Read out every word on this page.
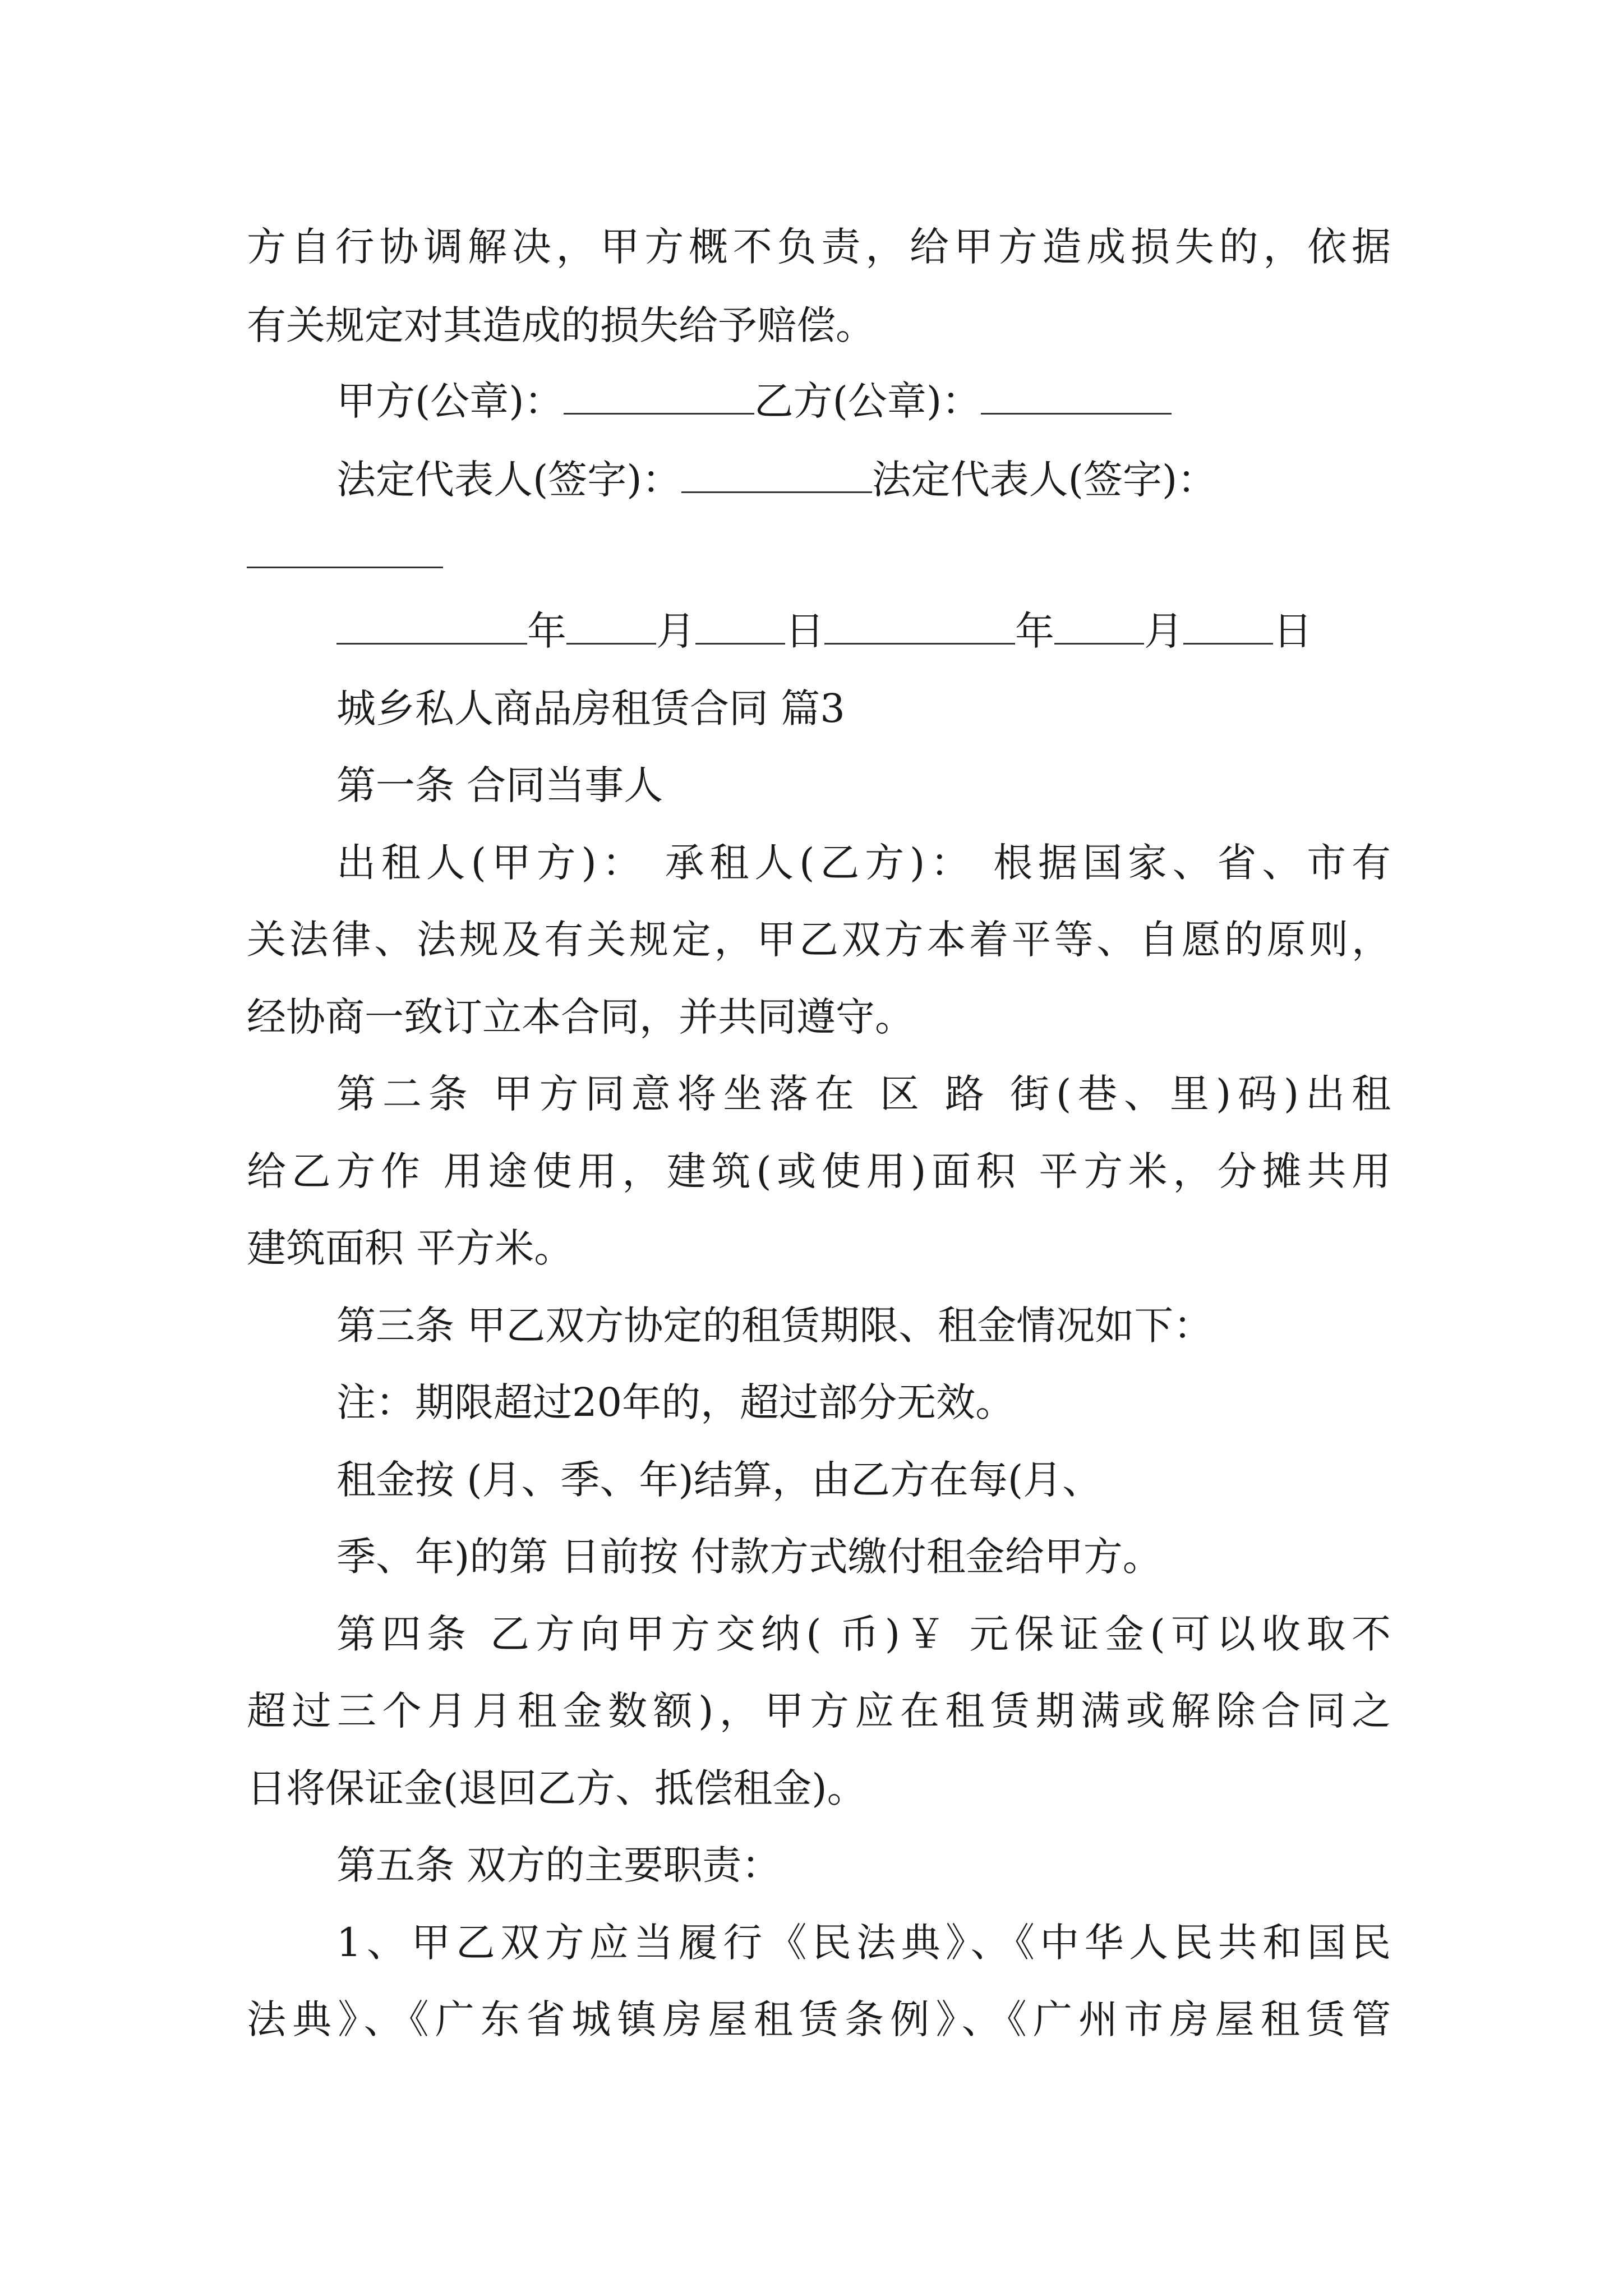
方自行协调解决，甲方概不负责，给甲方造成损失的，依据
有关规定对其造成的损失给予赔偿。
甲方(公章)：	乙方(公章)：
法定代表人(签字)：	法定代表人(签字)：
年 月 日	年 月 日
城乡私人商品房租赁合同 篇3
第一条 合同当事人
出租人(甲方)： 承租人(乙方)： 根据国家、省、市有
关法律、法规及有关规定，甲乙双方本着平等、自愿的原则，
经协商一致订立本合同，并共同遵守。
第二条 甲方同意将坐落在 区 路 街(巷、里)码)出租
给乙方作 用途使用，建筑(或使用)面积 平方米，分摊共用
建筑面积 平方米。
第三条 甲乙双方协定的租赁期限、租金情况如下：
注：期限超过20年的，超过部分无效。
租金按 (月、季、年)结算，由乙方在每(月、
季、年)的第 日前按 付款方式缴付租金给甲方。
第四条 乙方向甲方交纳( 币)￥ 元保证金(可以收取不
超过三个月月租金数额)，甲方应在租赁期满或解除合同之
日将保证金(退回乙方、抵偿租金)。
第五条 双方的主要职责：
1、甲乙双方应当履行《民法典》、《中华人民共和国民
法典》、《广东省城镇房屋租赁条例》、《广州市房屋租赁管
